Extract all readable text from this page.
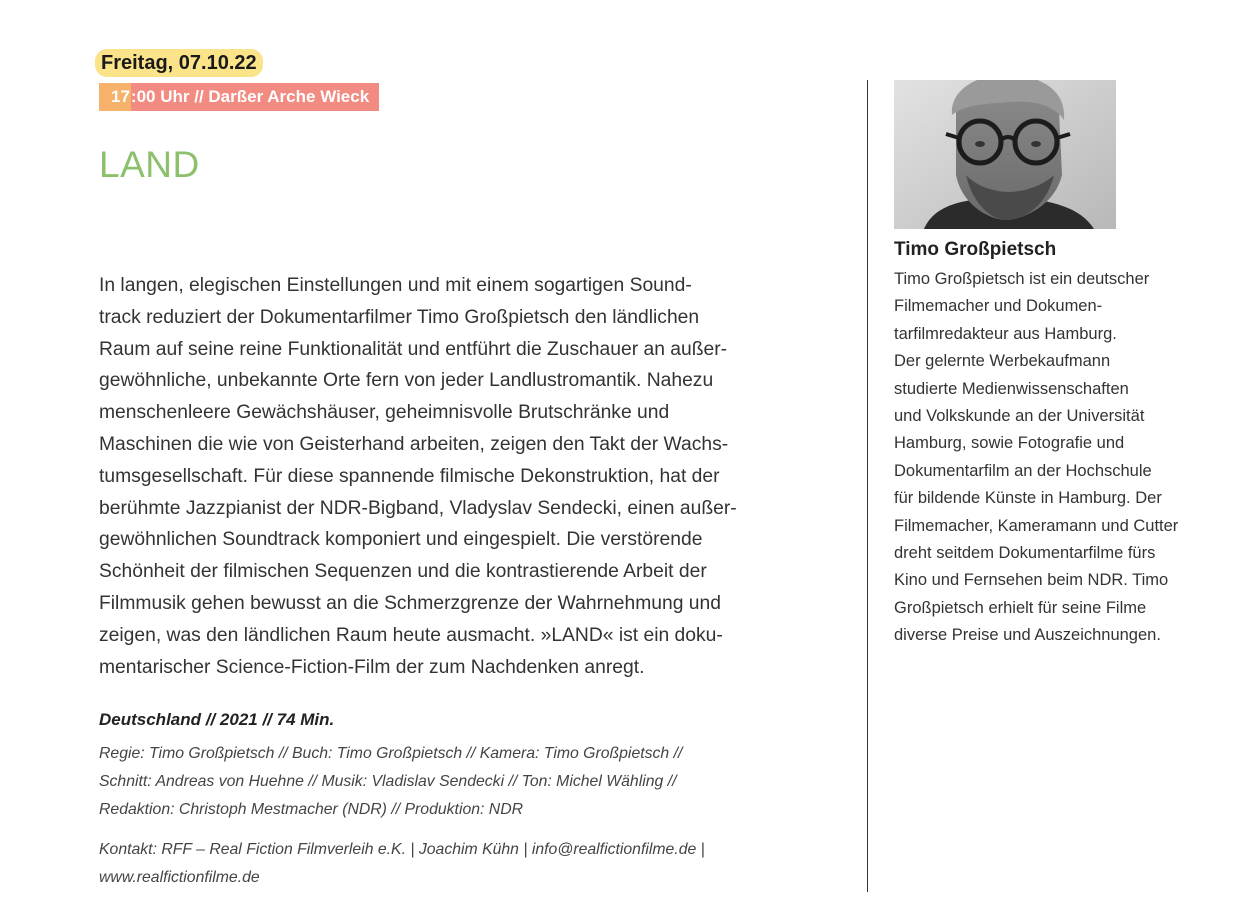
Freitag, 07.10.22
17 :00 Uhr // Darßer Arche Wieck
LAND
In langen, elegischen Einstellungen und mit einem sogartigen Sound-
track reduziert der Dokumentarfilmer Timo Großpietsch den ländlichen
Raum auf seine reine Funktionalität und entführt die Zuschauer an außer-
gewöhnliche, unbekannte Orte fern von jeder Landlustromantik. Nahezu
menschenleere Gewächshäuser, geheimnisvolle Brutschränke und
Maschinen die wie von Geisterhand arbeiten, zeigen den Takt der Wachs-
tumsgesellschaft. Für diese spannende filmische Dekonstruktion, hat der
berühmte Jazzpianist der NDR-Bigband, Vladyslav Sendecki, einen außer-
gewöhnlichen Soundtrack komponiert und eingespielt. Die verstörende
Schönheit der filmischen Sequenzen und die kontrastierende Arbeit der
Filmmusik gehen bewusst an die Schmerzgrenze der Wahrnehmung und
zeigen, was den ländlichen Raum heute ausmacht. »LAND« ist ein doku-
mentarischer Science-Fiction-Film der zum Nachdenken anregt.
Deutschland // 2021 // 74 Min.
Regie: Timo Großpietsch // Buch: Timo Großpietsch // Kamera: Timo Großpietsch //
Schnitt: Andreas von Huehne // Musik: Vladislav Sendecki // Ton: Michel Wähling //
Redaktion: Christoph Mestmacher (NDR) // Produktion: NDR
Kontakt: RFF – Real Fiction Filmverleih e.K. | Joachim Kühn | info@realfictionfilme.de |
www.realfictionfilme.de
Timo Großpietsch
Timo Großpietsch ist ein deutscher
Filmemacher und Dokumen-
tarfilmredakteur aus Hamburg.
Der gelernte Werbekaufmann
studierte Medienwissenschaften
und Volkskunde an der Universität
Hamburg, sowie Fotografie und
Dokumentarfilm an der Hochschule
für bildende Künste in Hamburg. Der
Filmemacher, Kameramann und Cutter
dreht seitdem Dokumentarfilme fürs
Kino und Fernsehen beim NDR. Timo
Großpietsch erhielt für seine Filme
diverse Preise und Auszeichnungen.
